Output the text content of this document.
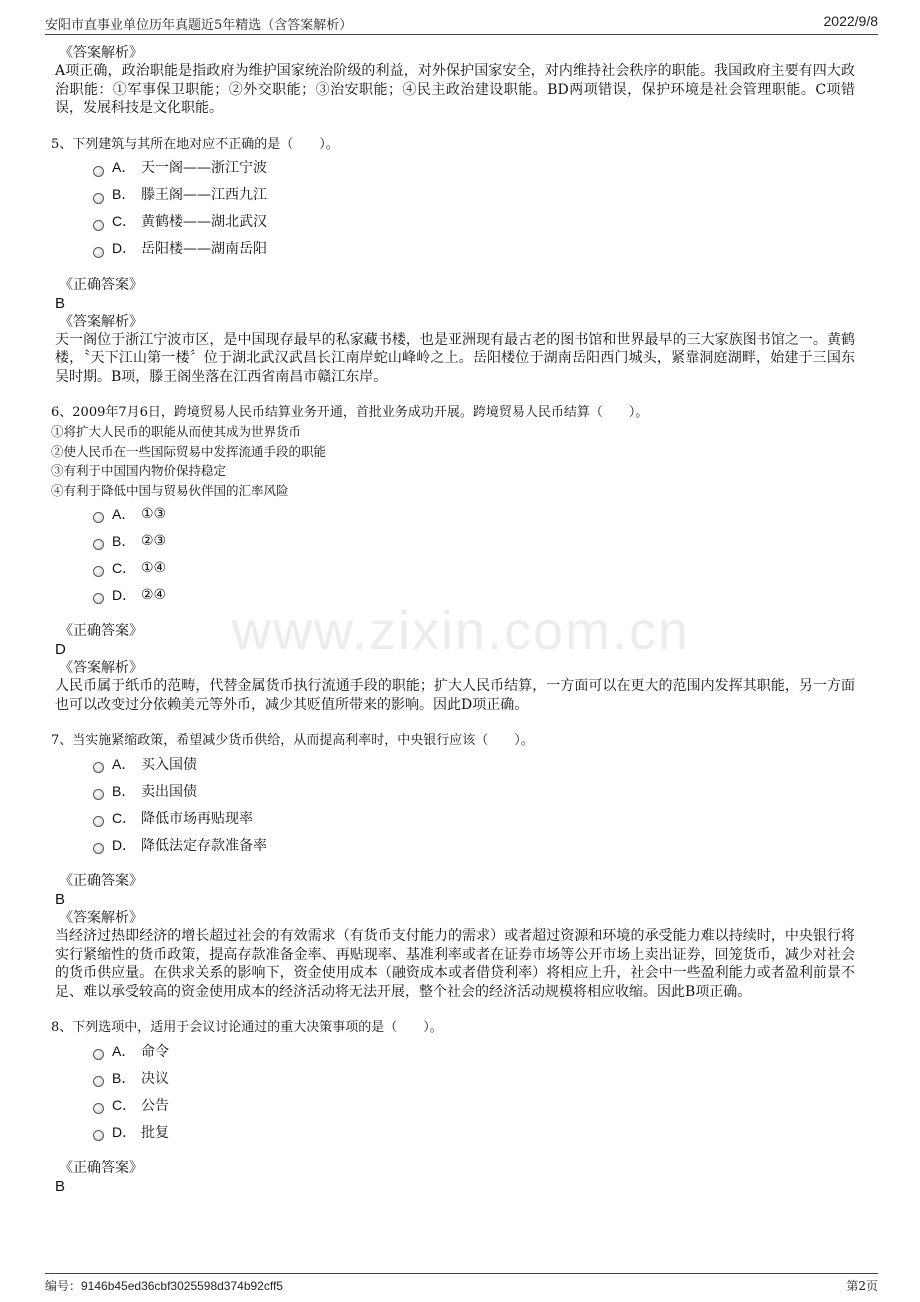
安阳市直事业单位历年真题近5年精选（含答案解析）	2022/9/8
www.zixin.com.cn
《答案解析》
A项正确，政治职能是指政府为维护国家统治阶级的利益，对外保护国家安全，对内维持社会秩序的职能。我国政府主要有四大政治职能：①军事保卫职能；②外交职能；③治安职能；④民主政治建设职能。BD两项错误，保护环境是社会管理职能。C项错误，发展科技是文化职能。
5、下列建筑与其所在地对应不正确的是（　　）。
A． 天一阁——浙江宁波
B． 滕王阁——江西九江
C． 黄鹤楼——湖北武汉
D． 岳阳楼——湖南岳阳
《正确答案》
B
《答案解析》
天一阁位于浙江宁波市区，是中国现存最早的私家藏书楼，也是亚洲现有最古老的图书馆和世界最早的三大家族图书馆之一。黄鹤楼，〝天下江山第一楼〞位于湖北武汉武昌长江南岸蛇山峰岭之上。岳阳楼位于湖南岳阳西门城头，紧靠洞庭湖畔，始建于三国东吴时期。B项，滕王阁坐落在江西省南昌市赣江东岸。
6、2009年7月6日，跨境贸易人民币结算业务开通，首批业务成功开展。跨境贸易人民币结算（　　）。
①将扩大人民币的职能从而使其成为世界货币
②使人民币在一些国际贸易中发挥流通手段的职能
③有利于中国国内物价保持稳定
④有利于降低中国与贸易伙伴国的汇率风险
A． ①③
B． ②③
C． ①④
D． ②④
《正确答案》
D
《答案解析》
人民币属于纸币的范畴，代替金属货币执行流通手段的职能；扩大人民币结算，一方面可以在更大的范围内发挥其职能，另一方面也可以改变过分依赖美元等外币，减少其贬值所带来的影响。因此D项正确。
7、当实施紧缩政策，希望减少货币供给，从而提高利率时，中央银行应该（　　）。
A． 买入国债
B． 卖出国债
C． 降低市场再贴现率
D． 降低法定存款准备率
《正确答案》
B
《答案解析》
当经济过热即经济的增长超过社会的有效需求（有货币支付能力的需求）或者超过资源和环境的承受能力难以持续时，中央银行将实行紧缩性的货币政策，提高存款准备金率、再贴现率、基准利率或者在证券市场等公开市场上卖出证券，回笼货币，减少对社会的货币供应量。在供求关系的影响下，资金使用成本（融资成本或者借贷利率）将相应上升，社会中一些盈利能力或者盈利前景不足、难以承受较高的资金使用成本的经济活动将无法开展，整个社会的经济活动规模将相应收缩。因此B项正确。
8、下列选项中，适用于会议讨论通过的重大决策事项的是（　　）。
A． 命令
B． 决议
C． 公告
D． 批复
《正确答案》
B
编号：9146b45ed36cbf3025598d374b92cff5	第2页
